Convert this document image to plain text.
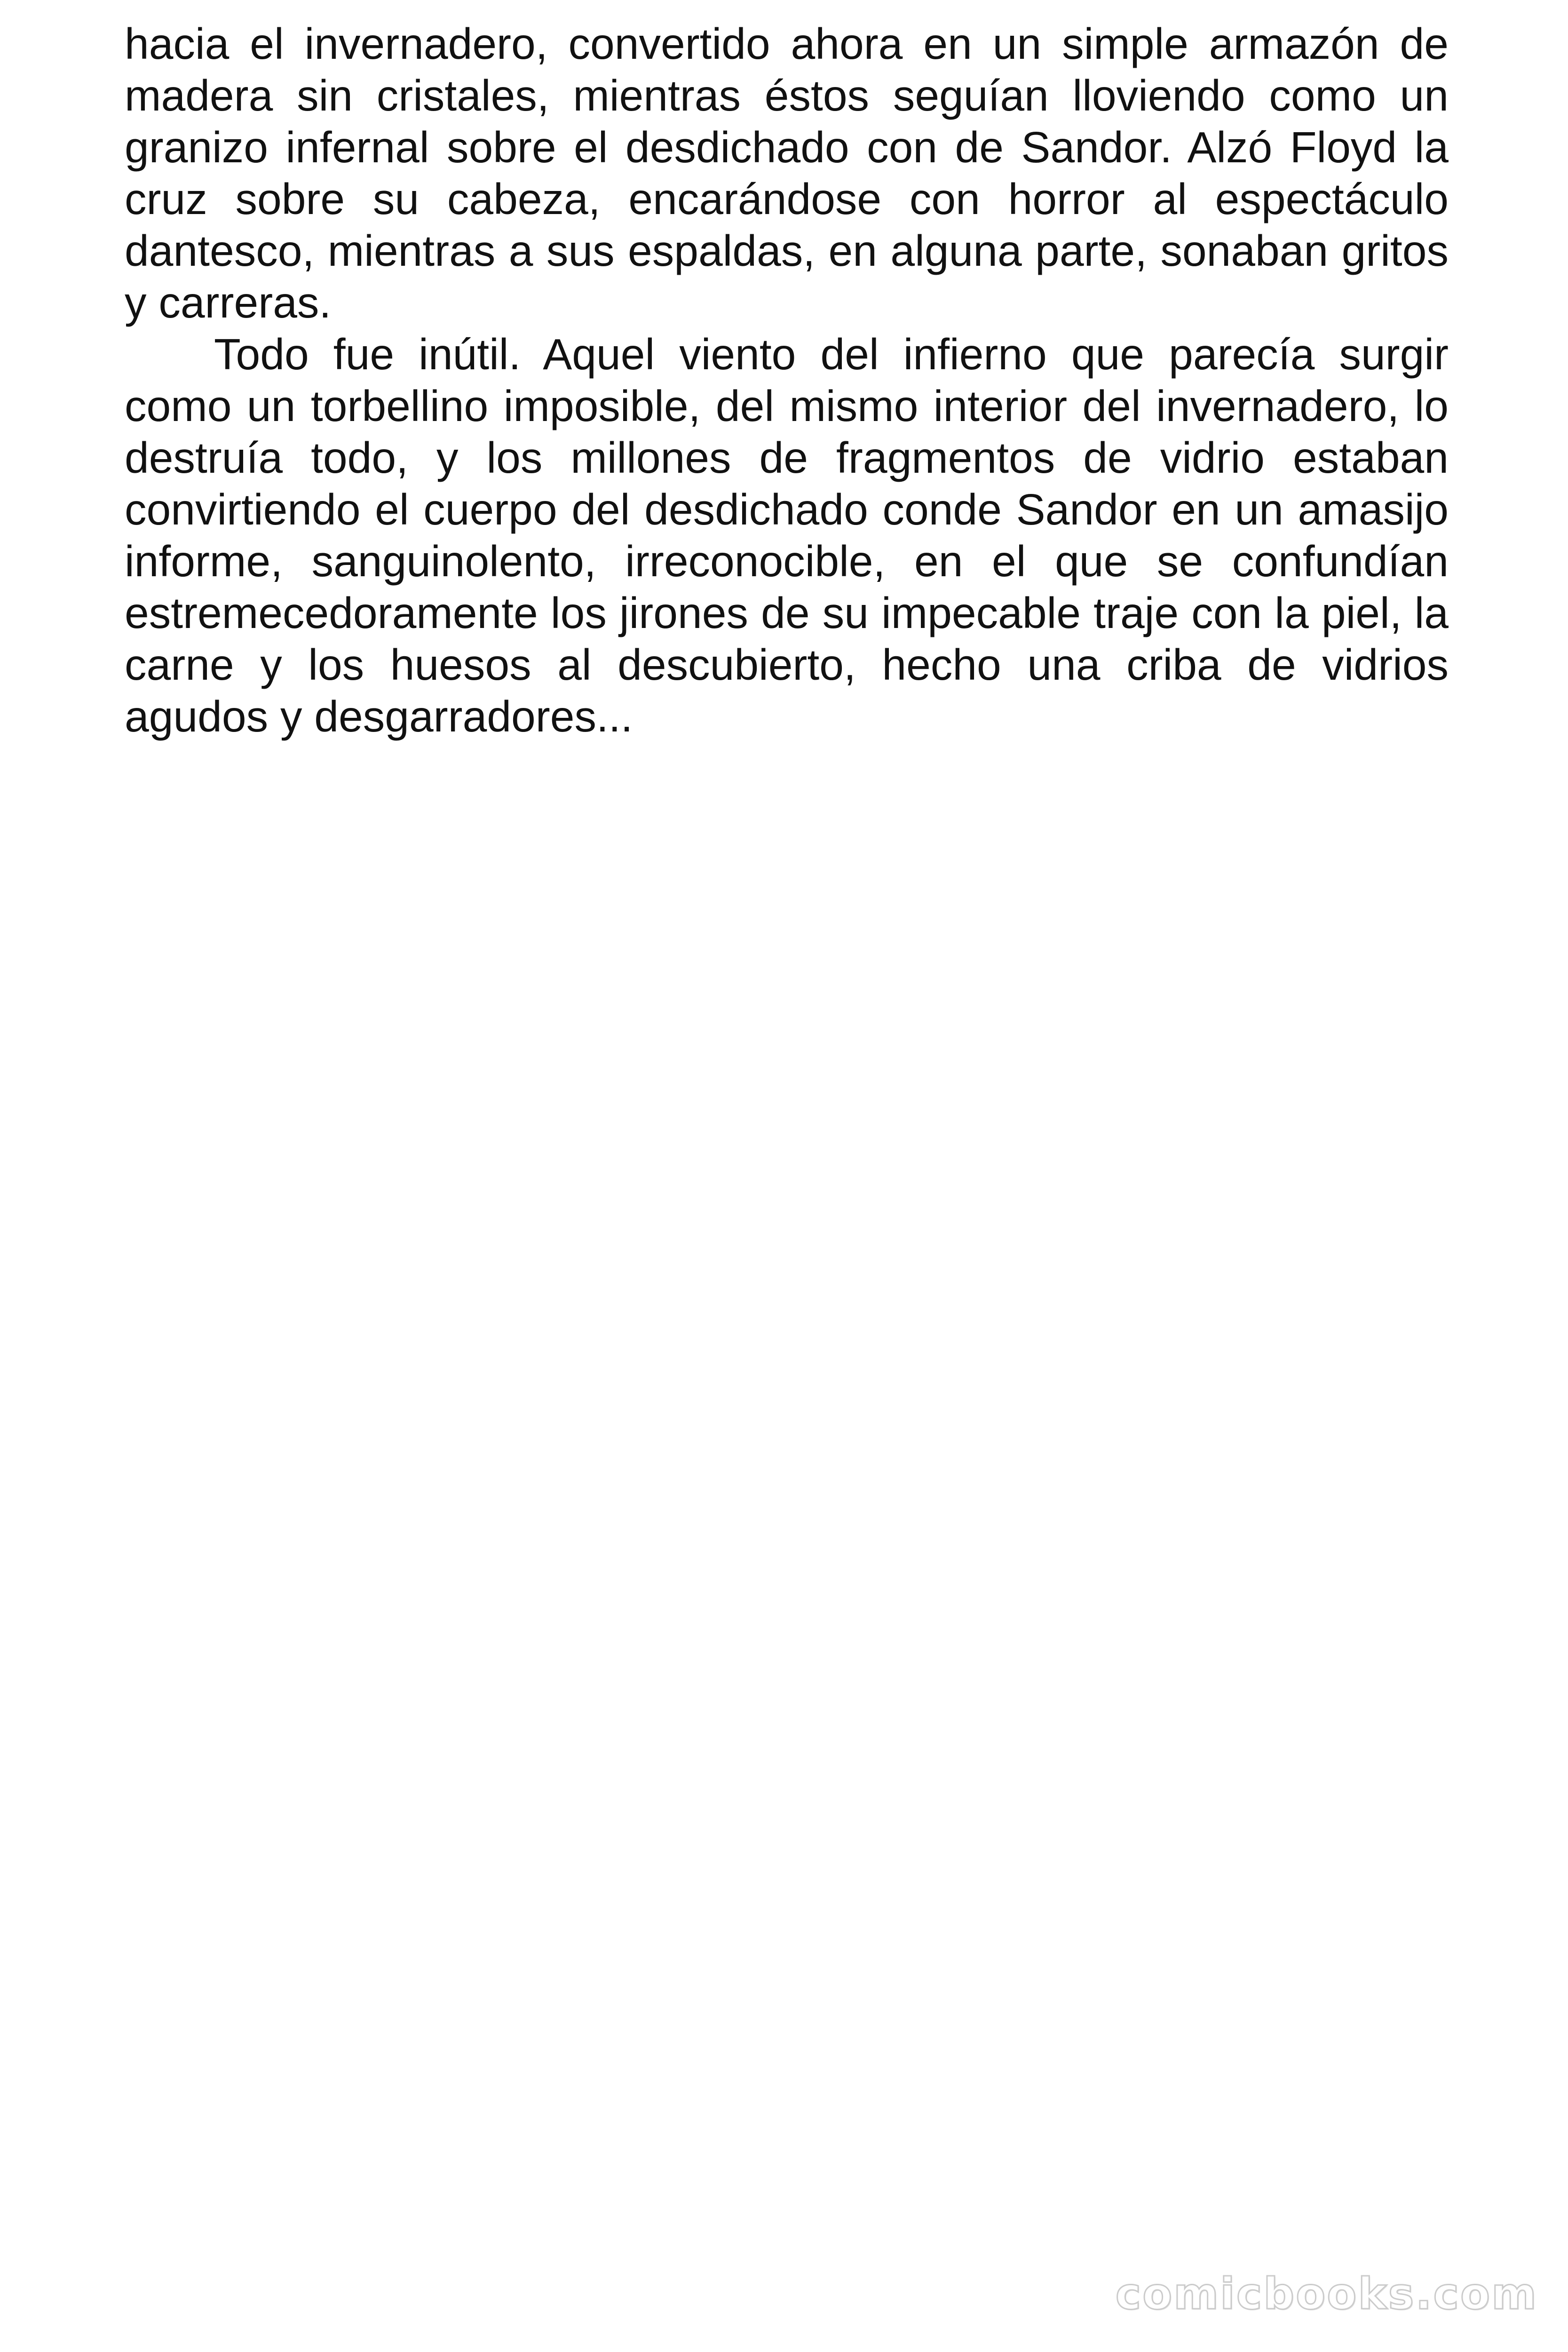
hacia el invernadero, convertido ahora en un simple armazón de madera sin cristales, mientras éstos seguían lloviendo como un granizo infernal sobre el desdichado con de Sandor. Alzó Floyd la cruz sobre su cabeza, encarándose con horror al espectáculo dantesco, mientras a sus espaldas, en alguna parte, sonaban gritos y carreras.

Todo fue inútil. Aquel viento del infierno que parecía surgir como un torbellino imposible, del mismo interior del invernadero, lo destruía todo, y los millones de fragmentos de vidrio estaban convirtiendo el cuerpo del desdichado conde Sandor en un amasijo informe, sanguinolento, irreconocible, en el que se confundían estremecedoramente los jirones de su impecable traje con la piel, la carne y los huesos al descubierto, hecho una criba de vidrios agudos y desgarradores...

comicbooks.com
